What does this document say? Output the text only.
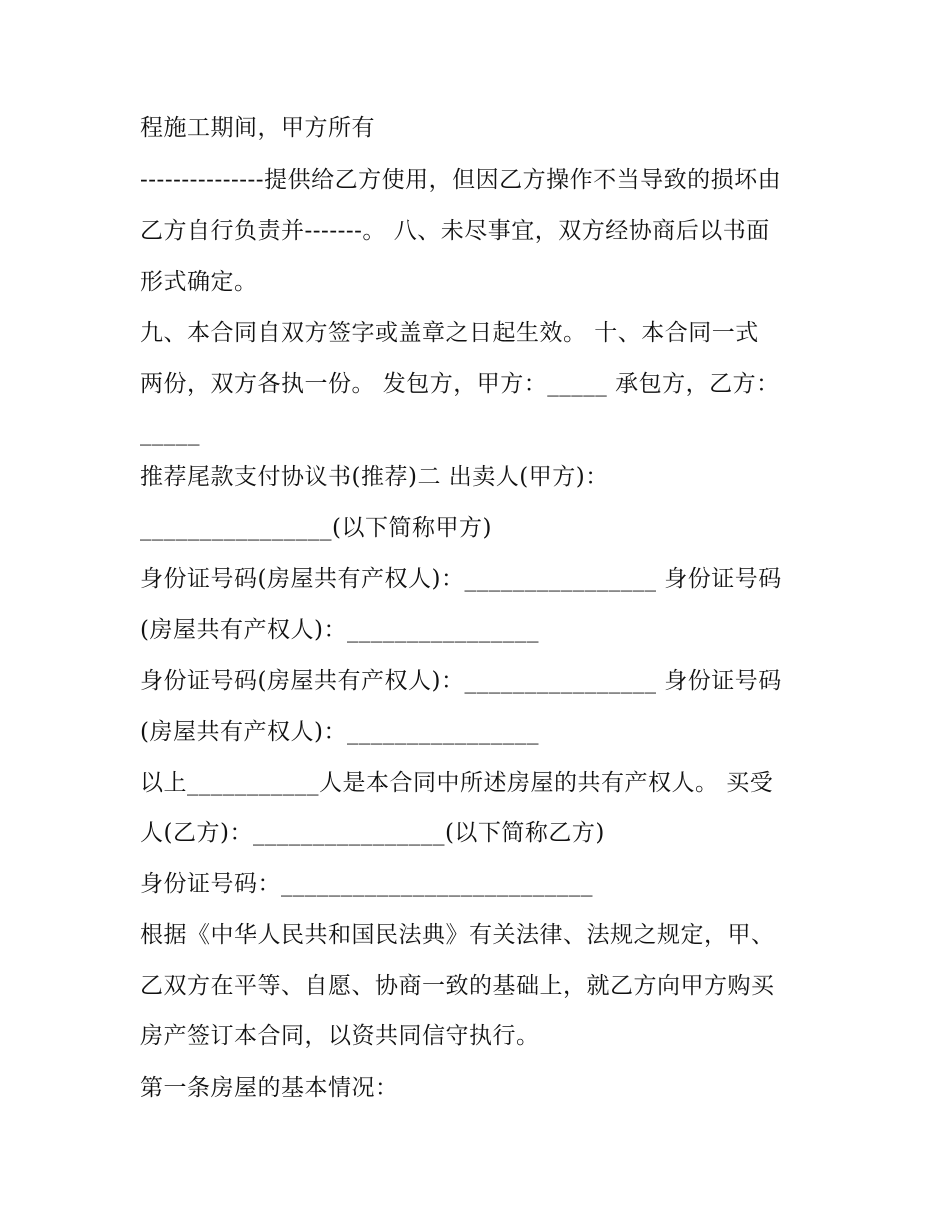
程施工期间，甲方所有
---------------提供给乙方使用，但因乙方操作不当导致的损坏由
乙方自行负责并-------。 八、未尽事宜，双方经协商后以书面
形式确定。
九、本合同自双方签字或盖章之日起生效。 十、本合同一式
两份，双方各执一份。 发包方，甲方：_____ 承包方，乙方：
_____
推荐尾款支付协议书(推荐)二 出卖人(甲方)：
________________(以下简称甲方)
身份证号码(房屋共有产权人)：________________ 身份证号码
(房屋共有产权人)：________________
身份证号码(房屋共有产权人)：________________ 身份证号码
(房屋共有产权人)：________________
以上___________人是本合同中所述房屋的共有产权人。 买受
人(乙方)：________________(以下简称乙方)
身份证号码：__________________________
根据《中华人民共和国民法典》有关法律、法规之规定，甲、
乙双方在平等、自愿、协商一致的基础上，就乙方向甲方购买
房产签订本合同，以资共同信守执行。
第一条房屋的基本情况：
